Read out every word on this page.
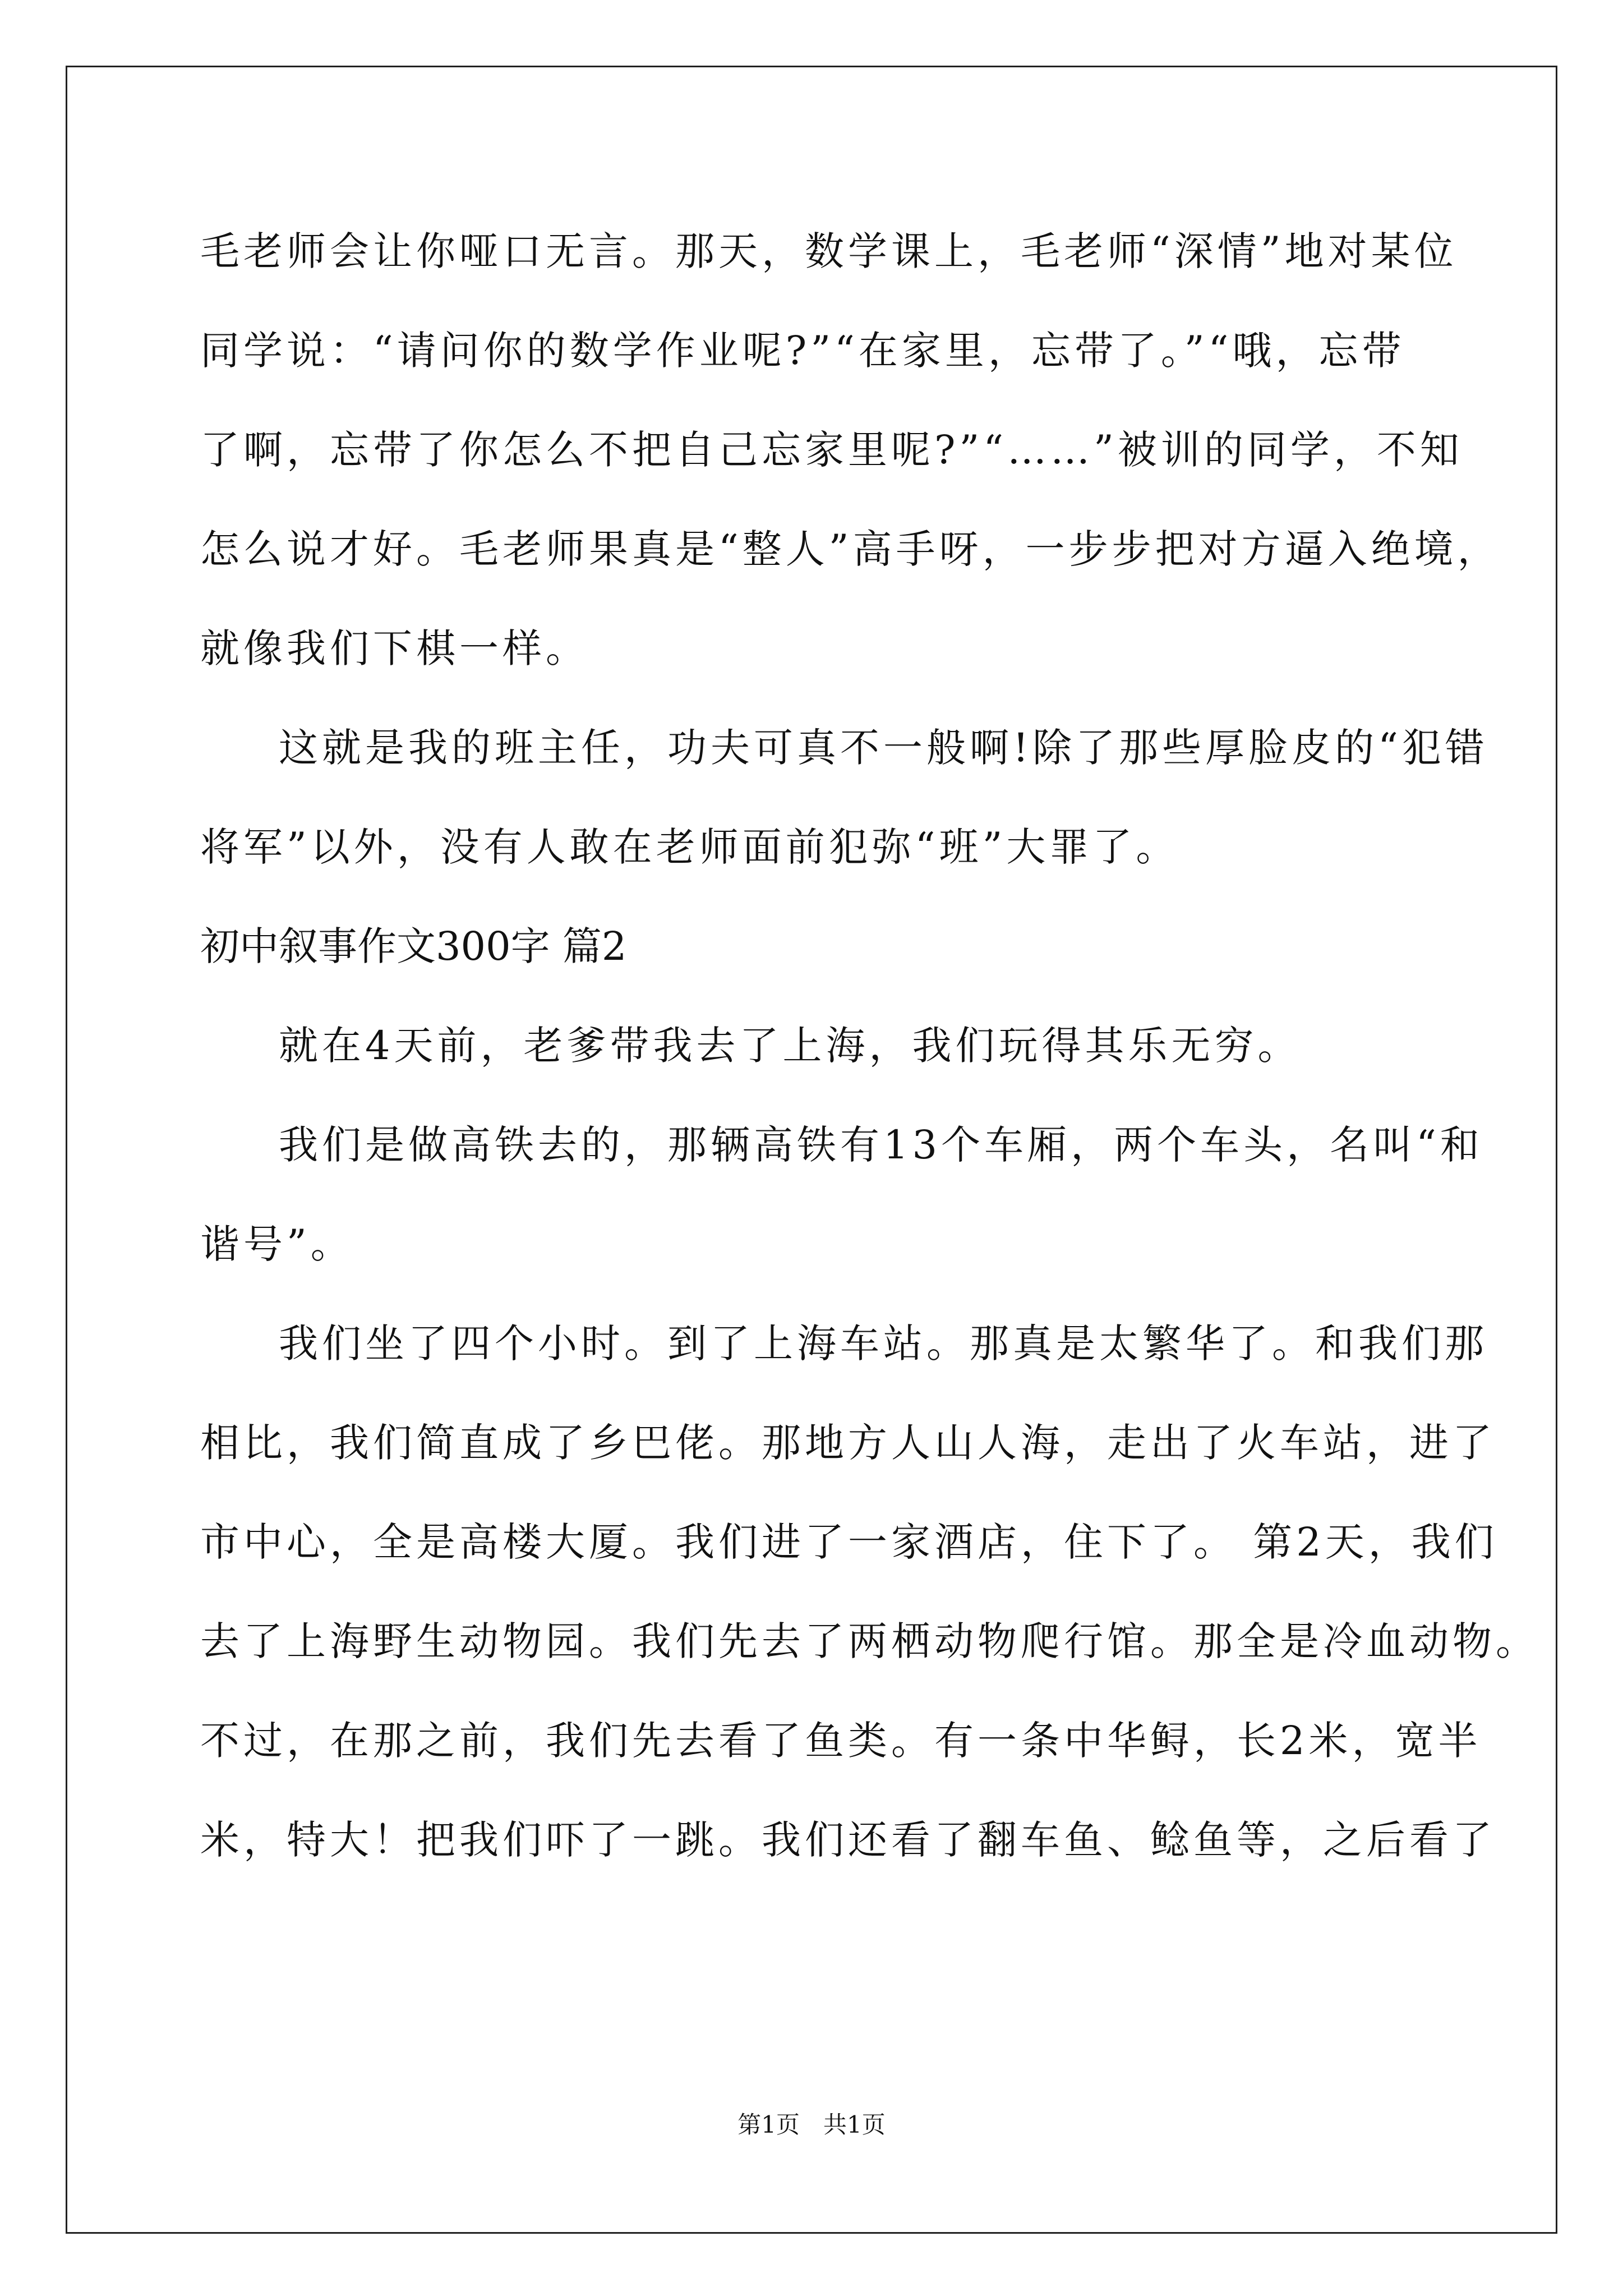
毛老师会让你哑口无言。那天，数学课上，毛老师“深情”地对某位
同学说：“请问你的数学作业呢?”“在家里，忘带了。”“哦，忘带
了啊，忘带了你怎么不把自己忘家里呢?”“……”被训的同学，不知
怎么说才好。毛老师果真是“整人”高手呀，一步步把对方逼入绝境，
就像我们下棋一样。
这就是我的班主任，功夫可真不一般啊!除了那些厚脸皮的“犯错
将军”以外，没有人敢在老师面前犯弥“班”大罪了。
初中叙事作文300字 篇2
就在4天前，老爹带我去了上海，我们玩得其乐无穷。
我们是做高铁去的，那辆高铁有13个车厢，两个车头，名叫“和
谐号”。
我们坐了四个小时。到了上海车站。那真是太繁华了。和我们那
相比，我们简直成了乡巴佬。那地方人山人海，走出了火车站，进了
市中心，全是高楼大厦。我们进了一家酒店，住下了。 第2天，我们
去了上海野生动物园。我们先去了两栖动物爬行馆。那全是冷血动物。
不过，在那之前，我们先去看了鱼类。有一条中华鲟，长2米，宽半
米，特大！把我们吓了一跳。我们还看了翻车鱼、鲶鱼等，之后看了
第1页　共1页
